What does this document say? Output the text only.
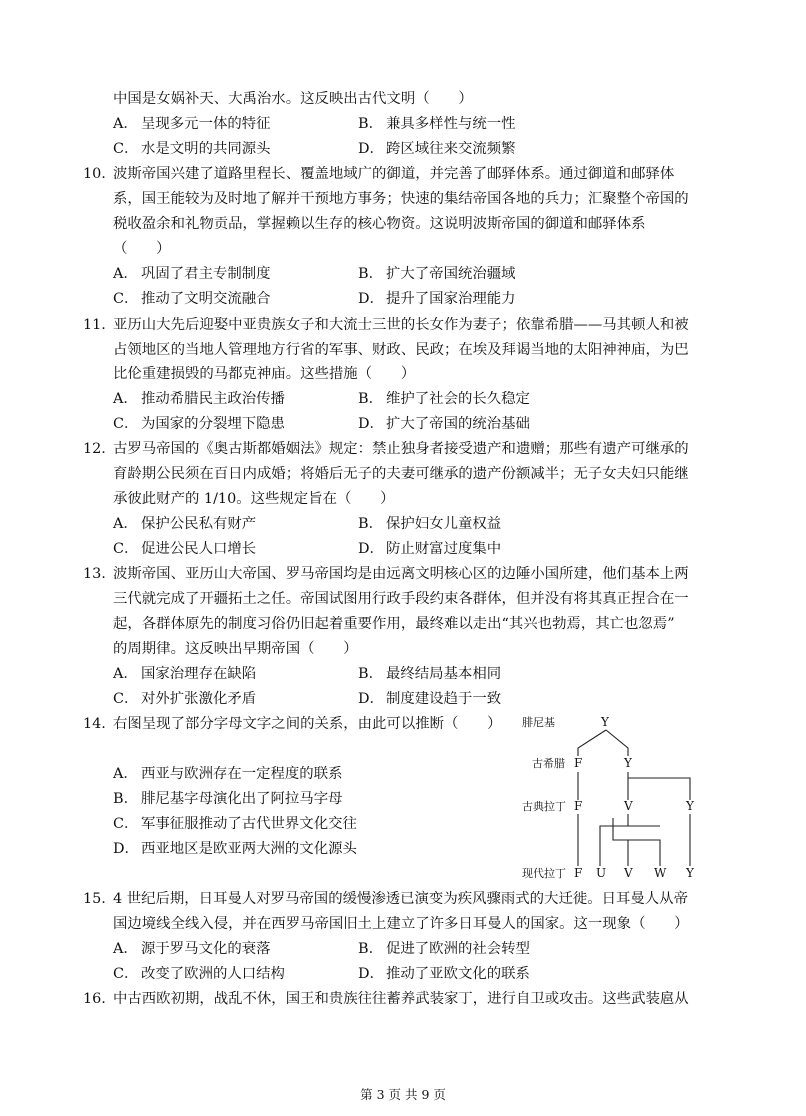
中国是女娲补天、大禹治水。这反映出古代文明（　　）
A． 呈现多元一体的特征	B． 兼具多样性与统一性
C． 水是文明的共同源头	D． 跨区域往来交流频繁
10. 波斯帝国兴建了道路里程长、覆盖地域广的御道，并完善了邮驿体系。通过御道和邮驿体
系，国王能较为及时地了解并干预地方事务；快速的集结帝国各地的兵力；汇聚整个帝国的
税收盈余和礼物贡品，掌握赖以生存的核心物资。这说明波斯帝国的御道和邮驿体系
（　　）
A． 巩固了君主专制制度	B． 扩大了帝国统治疆域
C． 推动了文明交流融合	D． 提升了国家治理能力
11. 亚历山大先后迎娶中亚贵族女子和大流士三世的长女作为妻子；依靠希腊——马其顿人和被
占领地区的当地人管理地方行省的军事、财政、民政；在埃及拜谒当地的太阳神神庙，为巴
比伦重建损毁的马都克神庙。这些措施（　　）
A． 推动希腊民主政治传播	B． 维护了社会的长久稳定
C． 为国家的分裂埋下隐患	D． 扩大了帝国的统治基础
12. 古罗马帝国的《奥古斯都婚姻法》规定：禁止独身者接受遗产和遗赠；那些有遗产可继承的
育龄期公民须在百日内成婚；将婚后无子的夫妻可继承的遗产份额减半；无子女夫妇只能继
承彼此财产的 1/10。这些规定旨在（　　）
A． 保护公民私有财产	B． 保护妇女儿童权益
C． 促进公民人口增长	D． 防止财富过度集中
13. 波斯帝国、亚历山大帝国、罗马帝国均是由远离文明核心区的边陲小国所建，他们基本上两
三代就完成了开疆拓土之任。帝国试图用行政手段约束各群体，但并没有将其真正捏合在一
起，各群体原先的制度习俗仍旧起着重要作用，最终难以走出“其兴也勃焉，其亡也忽焉”
的周期律。这反映出早期帝国（　　）
A． 国家治理存在缺陷	B． 最终结局基本相同
C． 对外扩张激化矛盾	D． 制度建设趋于一致
14. 右图呈现了部分字母文字之间的关系，由此可以推断（　　）
A． 西亚与欧洲存在一定程度的联系
B． 腓尼基字母演化出了阿拉马字母
C． 军事征服推动了古代世界文化交往
D． 西亚地区是欧亚两大洲的文化源头
腓尼基
古希腊
古典拉丁
现代拉丁
Y
F	Y
F	V	Y
F U V W Y
15. 4 世纪后期，日耳曼人对罗马帝国的缓慢渗透已演变为疾风骤雨式的大迁徙。日耳曼人从帝
国边境线全线入侵，并在西罗马帝国旧土上建立了许多日耳曼人的国家。这一现象（　　）
A． 源于罗马文化的衰落	B． 促进了欧洲的社会转型
C． 改变了欧洲的人口结构	D． 推动了亚欧文化的联系
16. 中古西欧初期，战乱不休，国王和贵族往往蓄养武装家丁，进行自卫或攻击。这些武装扈从
第 3 页 共 9 页
